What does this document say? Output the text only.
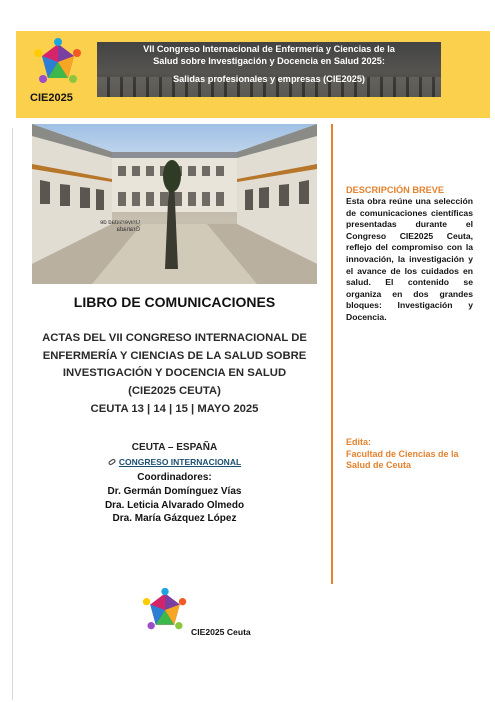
CIE2025
VII Congreso Internacional de Enfermería y Ciencias de la
Salud sobre Investigación y Docencia en Salud 2025:
Salidas profesionales y empresas (CIE2025)
Universidad de Granada
LIBRO DE COMUNICACIONES
ACTAS DEL VII CONGRESO INTERNACIONAL DE
ENFERMERÍA Y CIENCIAS DE LA SALUD SOBRE
INVESTIGACIÓN Y DOCENCIA EN SALUD
(CIE2025 CEUTA)
CEUTA 13 | 14 | 15 | MAYO 2025
CEUTA – ESPAÑA
CONGRESO INTERNACIONAL
Coordinadores:
Dr. Germán Domínguez Vías
Dra. Leticia Alvarado Olmedo
Dra. María Gázquez López
DESCRIPCIÓN BREVE
Esta obra reúne una selección de comunicaciones científicas presentadas durante el Congreso CIE2025 Ceuta, reflejo del compromiso con la innovación, la investigación y el avance de los cuidados en salud. El contenido se organiza en dos grandes bloques: Investigación y Docencia.
Edita:
Facultad de Ciencias de la Salud de Ceuta
CIE2025 Ceuta
